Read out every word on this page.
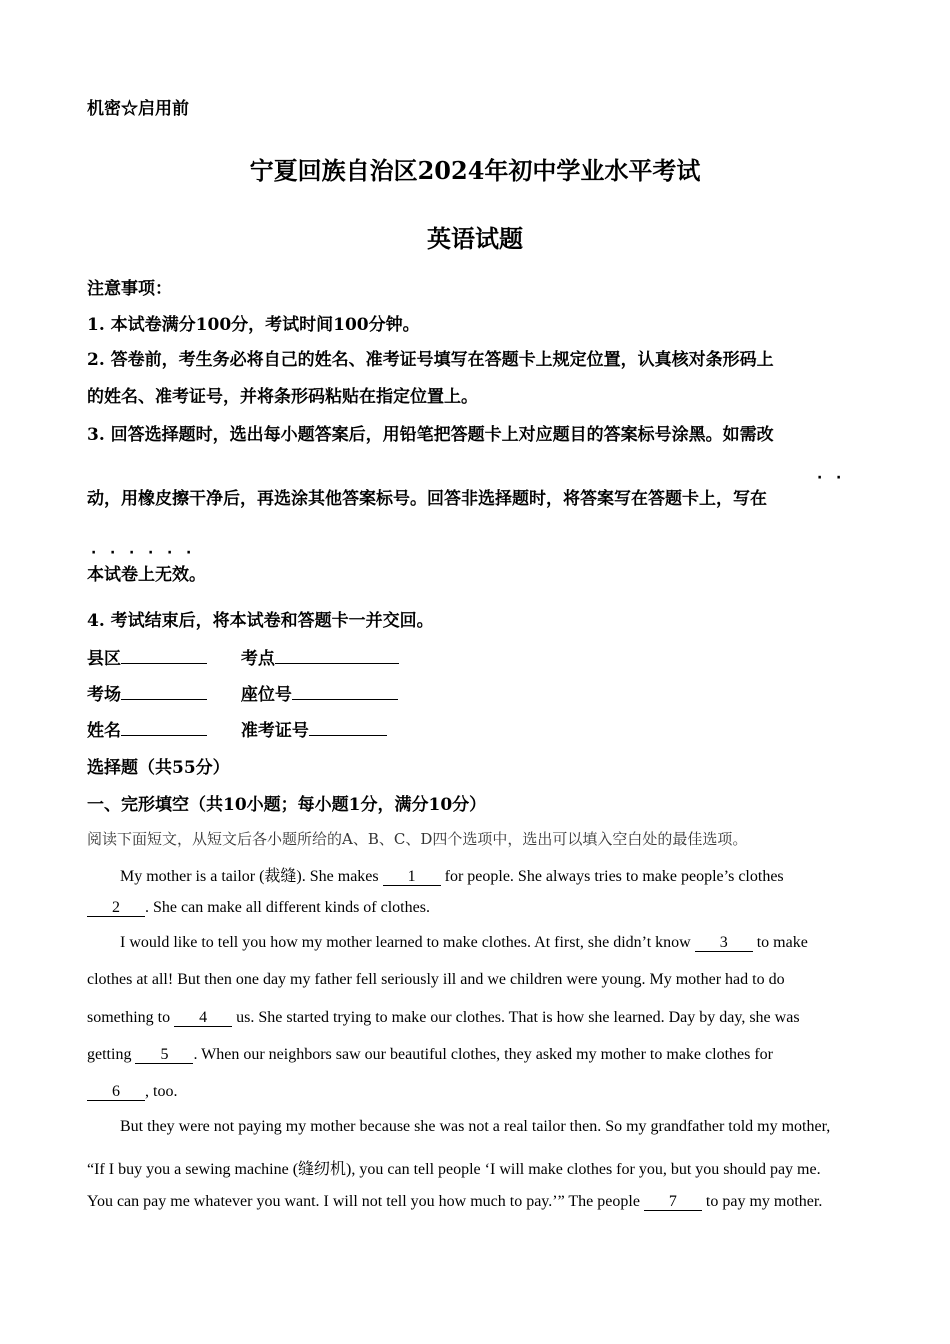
机密☆启用前
宁夏回族自治区2024年初中学业水平考试
英语试题
注意事项：
1. 本试卷满分100分，考试时间100分钟。
2. 答卷前，考生务必将自己的姓名、准考证号填写在答题卡上规定位置，认真核对条形码上
的姓名、准考证号，并将条形码粘贴在指定位置上。
3. 回答选择题时，选出每小题答案后，用铅笔把答题卡上对应题目的答案标号涂黑。如需改
· ·
动，用橡皮擦干净后，再选涂其他答案标号。回答非选择题时，将答案写在答题卡上，写在
· · · · · ·
本试卷上无效。
4. 考试结束后，将本试卷和答题卡一并交回。
县区	考点
考场	座位号
姓名	准考证号
选择题（共55分）
一、完形填空（共10小题；每小题1分，满分10分）
阅读下面短文，从短文后各小题所给的A、B、C、D四个选项中，选出可以填入空白处的最佳选项。
My mother is a tailor (裁缝). She makes 1 for people. She always tries to make people’s clothes
2 . She can make all different kinds of clothes.
I would like to tell you how my mother learned to make clothes. At first, she didn’t know 3 to make
clothes at all! But then one day my father fell seriously ill and we children were young. My mother had to do
something to 4 us. She started trying to make our clothes. That is how she learned. Day by day, she was
getting 5 . When our neighbors saw our beautiful clothes, they asked my mother to make clothes for
6 , too.
But they were not paying my mother because she was not a real tailor then. So my grandfather told my mother,
“If I buy you a sewing machine (缝纫机), you can tell people ‘I will make clothes for you, but you should pay me.
You can pay me whatever you want. I will not tell you how much to pay.’” The people 7 to pay my mother.
